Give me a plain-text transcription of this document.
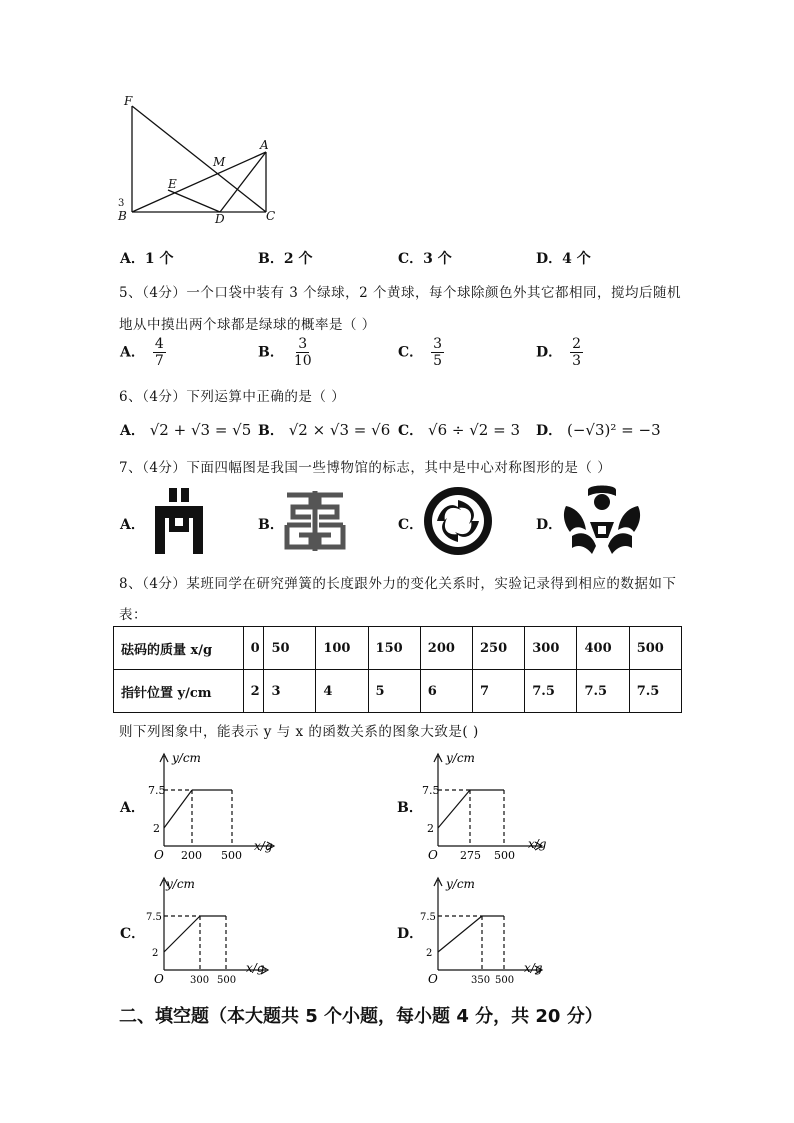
F
A
M
E
B	D	C
3
A．1 个	B．2 个	C．3 个	D．4 个
5、（4分）一个口袋中装有 3 个绿球，2 个黄球，每个球除颜色外其它都相同，搅均后随机
地从中摸出两个球都是绿球的概率是（ ）
A． $\frac{4}{7}$	B． $\frac{3}{10}$	C． $\frac{3}{5}$	D． $\frac{2}{3}$
6、（4分）下列运算中正确的是（ ）
A． √2 + √3 = √5 B． √2 × √3 = √6 C． √6 ÷ √2 = 3 D． (−√3)² = −3
7、（4分）下面四幅图是我国一些博物馆的标志，其中是中心对称图形的是（ ）
A．	B．	C．	D．
8、（4分）某班同学在研究弹簧的长度跟外力的变化关系时，实验记录得到相应的数据如下
表：
砝码的质量 x/g	0	50	100	150	200	250	300	400	500
指针位置 y/cm	2	3	4	5	6	7	7.5	7.5	7.5
则下列图象中，能表示 y 与 x 的函数关系的图象大致是( )
A．	B．
C．	D．
y/cm
x/g
O
7.5
2
200 500
y/cm
x/g
O
7.5
2
275 500
y/cm
x/g
O
7.5
2
300 500
y/cm
x/g
O
7.5
2
350 500
二、填空题（本大题共 5 个小题，每小题 4 分，共 20 分）
